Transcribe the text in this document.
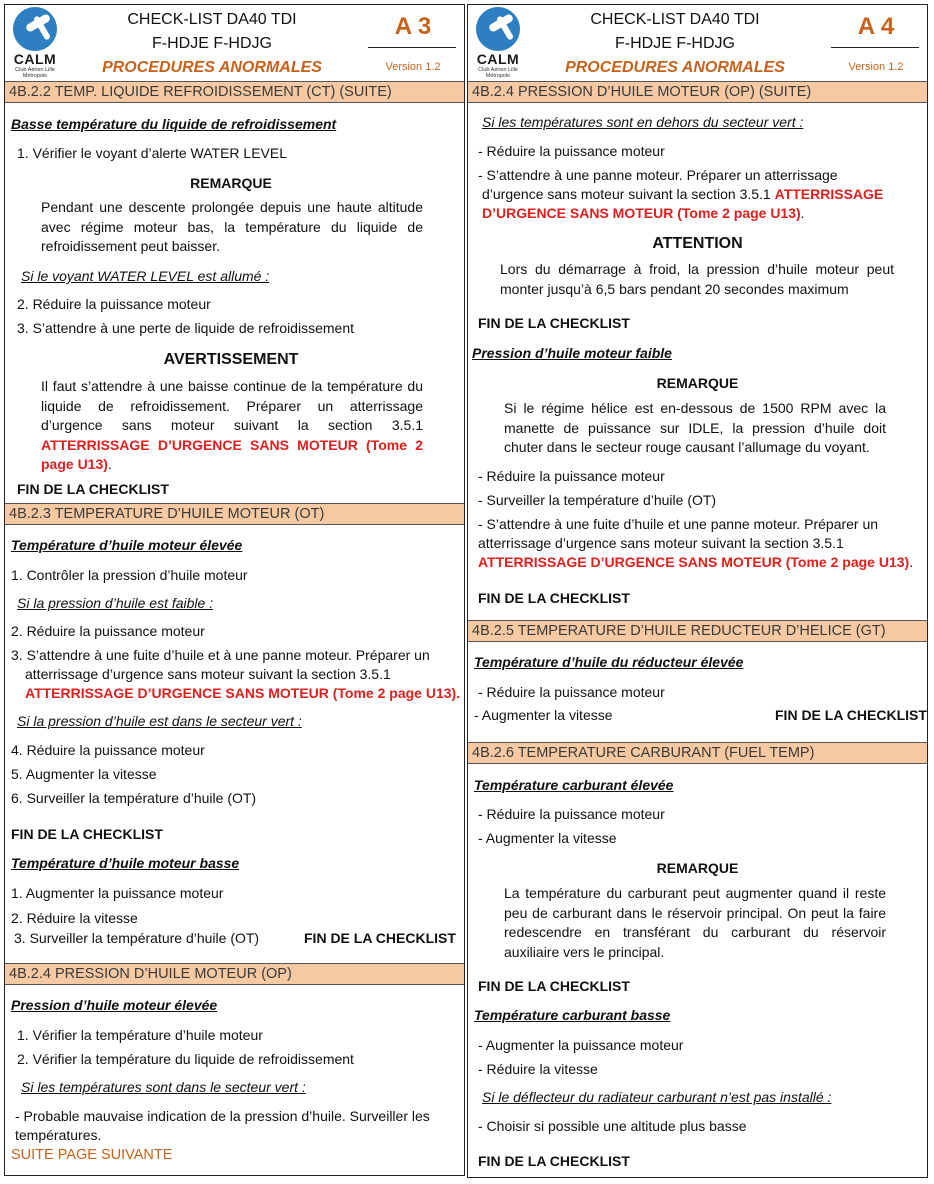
CALM
Club Aérien Lille Métropole
CHECK-LIST DA40 TDI
F-HDJE F-HDJG
PROCEDURES ANORMALES
A 3
Version 1.2
4B.2.2 TEMP. LIQUIDE REFROIDISSEMENT (CT) (SUITE)
Basse température du liquide de refroidissement
1. Vérifier le voyant d’alerte WATER LEVEL
REMARQUE
Pendant une descente prolongée depuis une haute altitude avec régime moteur bas, la température du liquide de refroidissement peut baisser.
Si le voyant WATER LEVEL est allumé :
2. Réduire la puissance moteur
3. S’attendre à une perte de liquide de refroidissement
AVERTISSEMENT
Il faut s’attendre à une baisse continue de la température du liquide de refroidissement. Préparer un atterrissage d’urgence sans moteur suivant la section 3.5.1 ATTERRISSAGE D’URGENCE SANS MOTEUR (Tome 2 page U13).
FIN DE LA CHECKLIST
4B.2.3 TEMPERATURE D’HUILE MOTEUR (OT)
Température d’huile moteur élevée
1. Contrôler la pression d’huile moteur
Si la pression d’huile est faible :
2. Réduire la puissance moteur
3. S’attendre à une fuite d’huile et à une panne moteur. Préparer un
atterrissage d’urgence sans moteur suivant la section 3.5.1
ATTERRISSAGE D’URGENCE SANS MOTEUR (Tome 2 page U13).
Si la pression d’huile est dans le secteur vert :
4. Réduire la puissance moteur
5. Augmenter la vitesse
6. Surveiller la température d’huile (OT)
FIN DE LA CHECKLIST
Température d’huile moteur basse
1. Augmenter la puissance moteur
2. Réduire la vitesse
3. Surveiller la température d’huile (OT)	FIN DE LA CHECKLIST
4B.2.4 PRESSION D’HUILE MOTEUR (OP)
Pression d’huile moteur élevée
1. Vérifier la température d’huile moteur
2. Vérifier la température du liquide de refroidissement
Si les températures sont dans le secteur vert :
- Probable mauvaise indication de la pression d’huile. Surveiller les
températures.
SUITE PAGE SUIVANTE
CALM
Club Aérien Lille Métropole
CHECK-LIST DA40 TDI
F-HDJE F-HDJG
PROCEDURES ANORMALES
A 4
Version 1.2
4B.2.4 PRESSION D’HUILE MOTEUR (OP) (SUITE)
Si les températures sont en dehors du secteur vert :
- Réduire la puissance moteur
- S’attendre à une panne moteur. Préparer un atterrissage
d’urgence sans moteur suivant la section 3.5.1 ATTERRISSAGE
D’URGENCE SANS MOTEUR (Tome 2 page U13).
ATTENTION
Lors du démarrage à froid, la pression d’huile moteur peut monter jusqu’à 6,5 bars pendant 20 secondes maximum
FIN DE LA CHECKLIST
Pression d’huile moteur faible
REMARQUE
Si le régime hélice est en-dessous de 1500 RPM avec la manette de puissance sur IDLE, la pression d’huile doit chuter dans le secteur rouge causant l’allumage du voyant.
- Réduire la puissance moteur
- Surveiller la température d’huile (OT)
- S’attendre à une fuite d’huile et une panne moteur. Préparer un
atterrissage d’urgence sans moteur suivant la section 3.5.1
ATTERRISSAGE D’URGENCE SANS MOTEUR (Tome 2 page U13).
FIN DE LA CHECKLIST
4B.2.5 TEMPERATURE D’HUILE REDUCTEUR D’HELICE (GT)
Température d’huile du réducteur élevée
- Réduire la puissance moteur
- Augmenter la vitesse	FIN DE LA CHECKLIST
4B.2.6 TEMPERATURE CARBURANT (FUEL TEMP)
Température carburant élevée
- Réduire la puissance moteur
- Augmenter la vitesse
REMARQUE
La température du carburant peut augmenter quand il reste peu de carburant dans le réservoir principal. On peut la faire redescendre en transférant du carburant du réservoir auxiliaire vers le principal.
FIN DE LA CHECKLIST
Température carburant basse
- Augmenter la puissance moteur
- Réduire la vitesse
Si le déflecteur du radiateur carburant n’est pas installé :
- Choisir si possible une altitude plus basse
FIN DE LA CHECKLIST
